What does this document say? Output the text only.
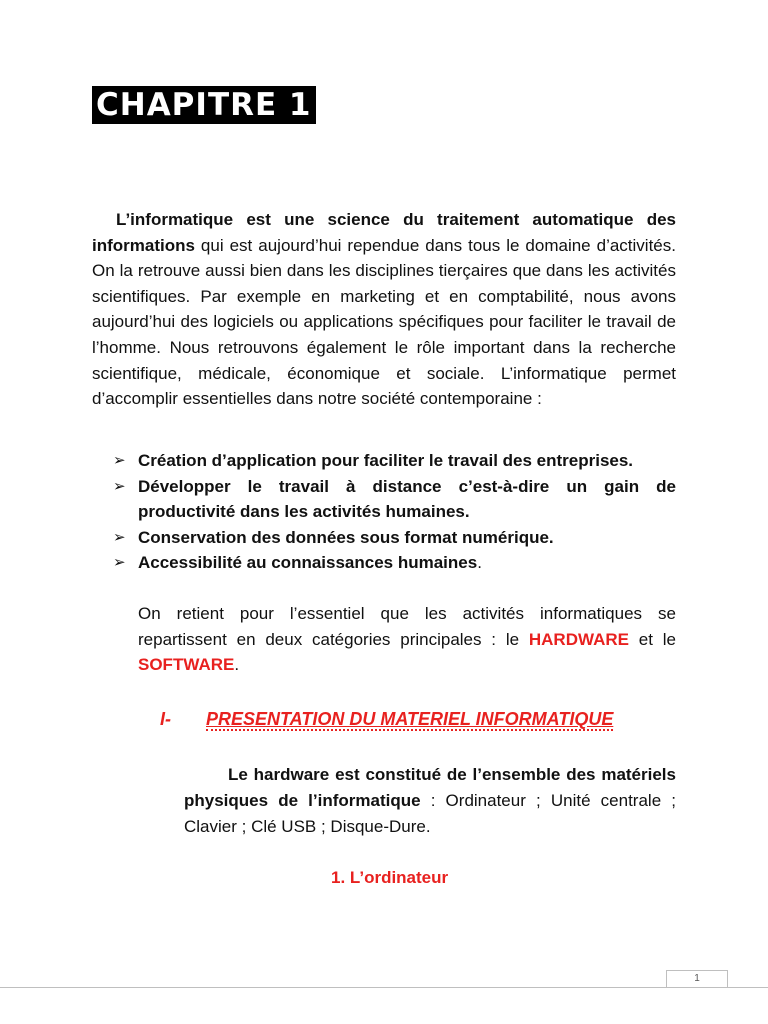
CHAPITRE 1

L’informatique est une science du traitement automatique des informations qui est aujourd’hui rependue dans tous le domaine d’activités. On la retrouve aussi bien dans les disciplines tierçaires que dans les activités scientifiques. Par exemple en marketing et en comptabilité, nous avons aujourd’hui des logiciels ou applications spécifiques pour faciliter le travail de l’homme. Nous retrouvons également le rôle important dans la recherche scientifique, médicale, économique et sociale. L’informatique permet d’accomplir essentielles dans notre société contemporaine :

➢ Création d’application pour faciliter le travail des entreprises.
➢ Développer le travail à distance c’est-à-dire un gain de productivité dans les activités humaines.
➢ Conservation des données sous format numérique.
➢ Accessibilité au connaissances humaines.

On retient pour l’essentiel que les activités informatiques se repartissent en deux catégories principales : le HARDWARE et le SOFTWARE.

I- PRESENTATION DU MATERIEL INFORMATIQUE

Le hardware est constitué de l’ensemble des matériels physiques de l’informatique : Ordinateur ; Unité centrale ; Clavier ; Clé USB ; Disque-Dure.

1. L’ordinateur
1
